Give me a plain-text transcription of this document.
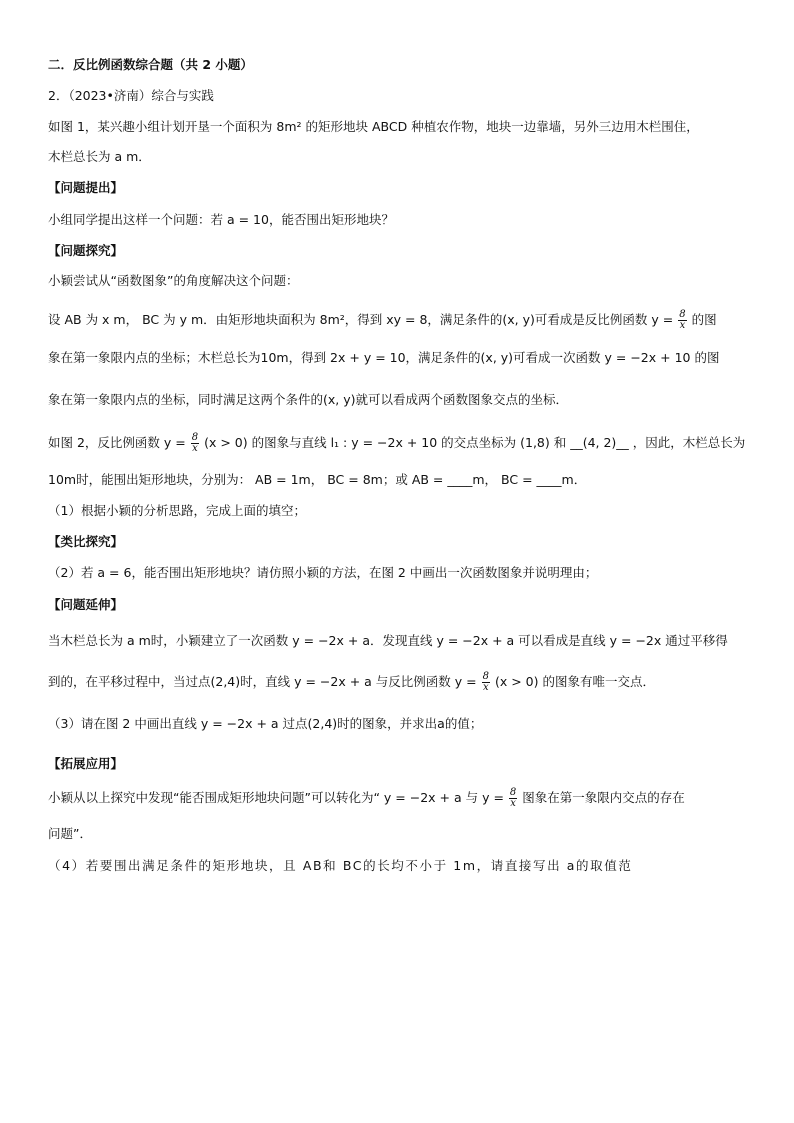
二．反比例函数综合题（共 2 小题）
2．（2023•济南）综合与实践
如图 1，某兴趣小组计划开垦一个面积为 8m² 的矩形地块 ABCD 种植农作物，地块一边靠墙，另外三边用木栏围住，
木栏总长为 a m．
【问题提出】
小组同学提出这样一个问题：若 a = 10，能否围出矩形地块？
【问题探究】
小颖尝试从“函数图象”的角度解决这个问题：
设 AB 为 x m， BC 为 y m．由矩形地块面积为 8m²，得到 xy = 8，满足条件的(x, y)可看成是反比例函数 $y = \frac{8}{x}$ 的图
象在第一象限内点的坐标；木栏总长为10m，得到 2x + y = 10，满足条件的(x, y)可看成一次函数 y = −2x + 10 的图
象在第一象限内点的坐标，同时满足这两个条件的(x, y)就可以看成两个函数图象交点的坐标．
如图 2，反比例函数 $y = \frac{8}{x} (x > 0)$ 的图象与直线 l₁ : y = −2x + 10 的交点坐标为 (1,8) 和 __(4, 2)__ ，因此，木栏总长为
10m时，能围出矩形地块，分别为： AB = 1m， BC = 8m；或 AB = ____m， BC = ____m．
（1）根据小颖的分析思路，完成上面的填空；
【类比探究】
（2）若 a = 6，能否围出矩形地块？请仿照小颖的方法，在图 2 中画出一次函数图象并说明理由；
【问题延伸】
当木栏总长为 a m时，小颖建立了一次函数 y = −2x + a．发现直线 y = −2x + a 可以看成是直线 y = −2x 通过平移得
到的，在平移过程中，当过点(2,4)时，直线 y = −2x + a 与反比例函数 $y = \frac{8}{x} (x > 0)$ 的图象有唯一交点．
（3）请在图 2 中画出直线 y = −2x + a 过点(2,4)时的图象，并求出a的值；
【拓展应用】
小颖从以上探究中发现“能否围成矩形地块问题”可以转化为“ y = −2x + a 与 $y = \frac{8}{x}$ 图象在第一象限内交点的存在
问题”．
（4）若要围出满足条件的矩形地块，且 AB和 BC的长均不小于 1m，请直接写出 a的取值范
